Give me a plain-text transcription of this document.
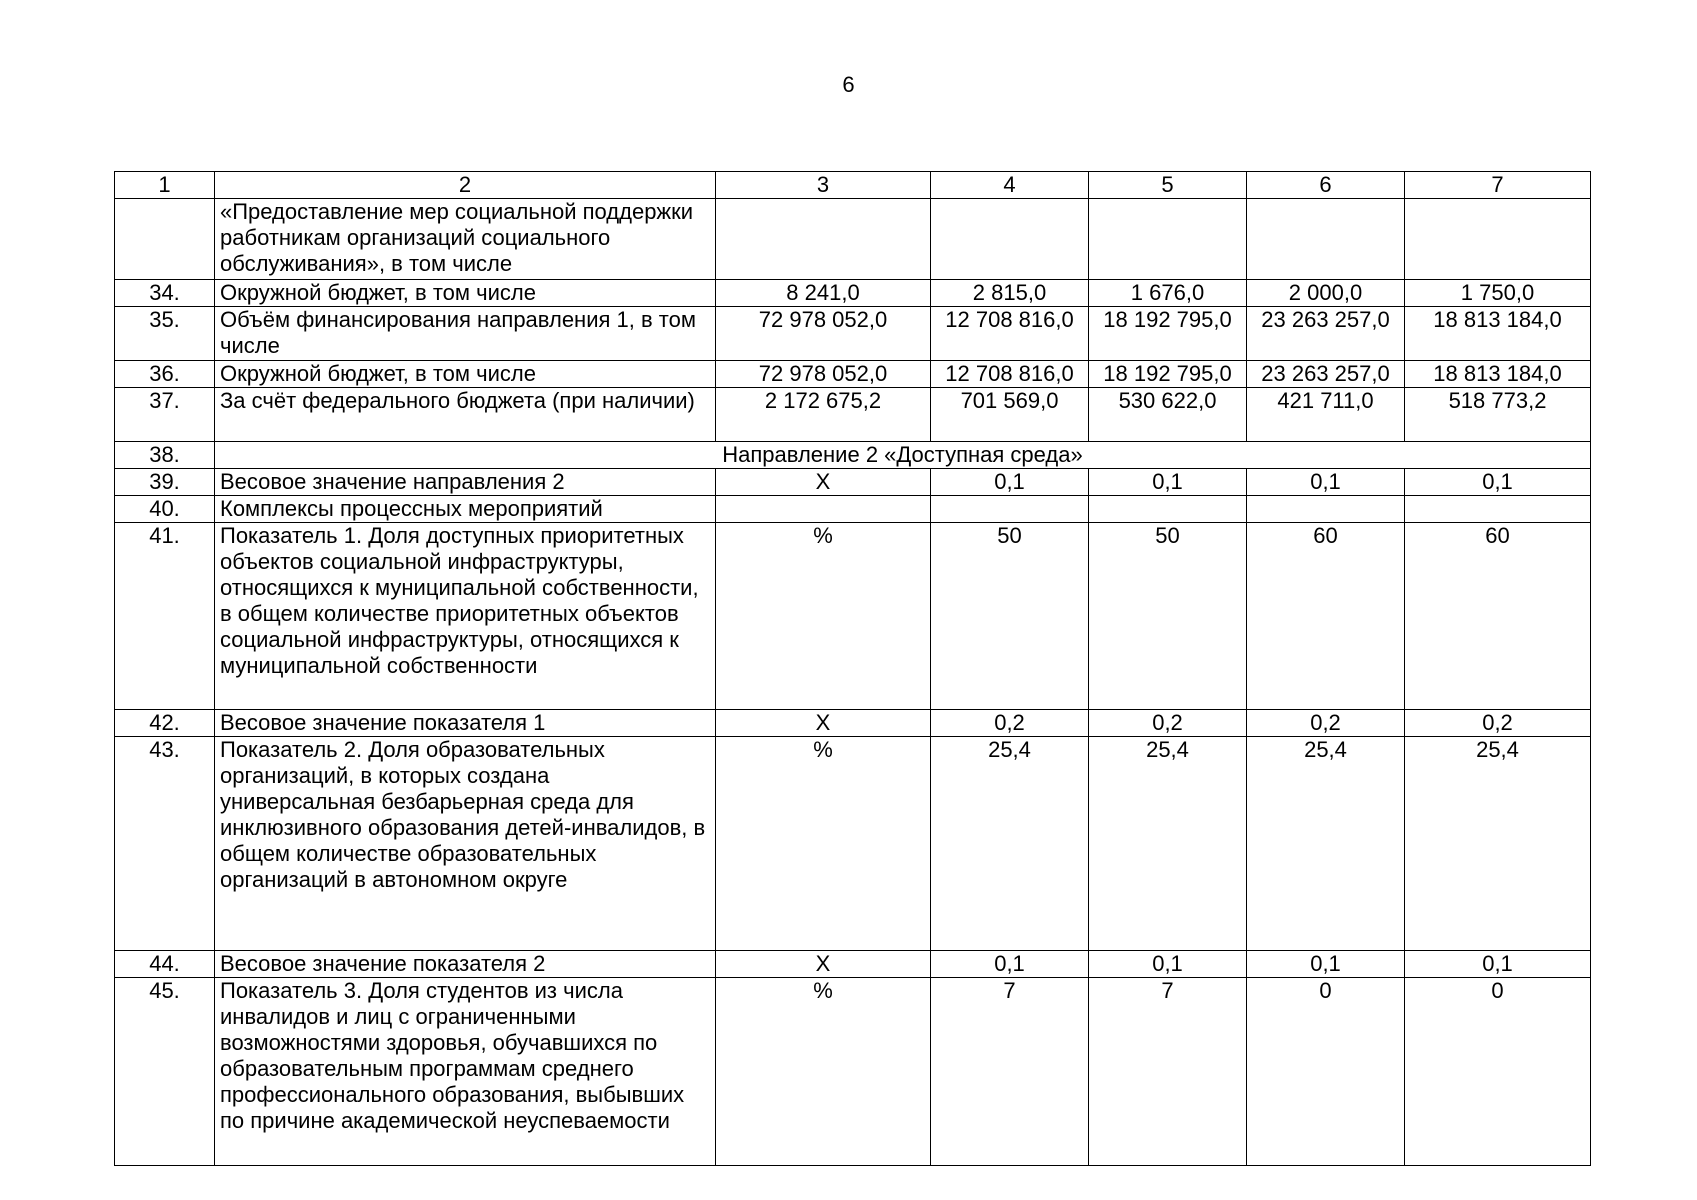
6
1	2	3	4	5	6	7
	«Предоставление мер социальной поддержки работникам организаций социального обслуживания», в том числе					
34.	Окружной бюджет, в том числе	8 241,0	2 815,0	1 676,0	2 000,0	1 750,0
35.	Объём финансирования направления 1, в том числе	72 978 052,0	12 708 816,0	18 192 795,0	23 263 257,0	18 813 184,0
36.	Окружной бюджет, в том числе	72 978 052,0	12 708 816,0	18 192 795,0	23 263 257,0	18 813 184,0
37.	За счёт федерального бюджета (при наличии)	2 172 675,2	701 569,0	530 622,0	421 711,0	518 773,2
38.	Направление 2 «Доступная среда»					
39.	Весовое значение направления 2	Х	0,1	0,1	0,1	0,1
40.	Комплексы процессных мероприятий					
41.	Показатель 1. Доля доступных приоритетных объектов социальной инфраструктуры, относящихся к муниципальной собственности, в общем количестве приоритетных объектов социальной инфраструктуры, относящихся к муниципальной собственности	%	50	50	60	60
42.	Весовое значение показателя 1	Х	0,2	0,2	0,2	0,2
43.	Показатель 2. Доля образовательных организаций, в которых создана универсальная безбарьерная среда для инклюзивного образования детей-инвалидов, в общем количестве образовательных организаций в автономном округе	%	25,4	25,4	25,4	25,4
44.	Весовое значение показателя 2	Х	0,1	0,1	0,1	0,1
45.	Показатель 3. Доля студентов из числа инвалидов и лиц с ограниченными возможностями здоровья, обучавшихся по образовательным программам среднего профессионального образования, выбывших по причине академической неуспеваемости	%	7	7	0	0
